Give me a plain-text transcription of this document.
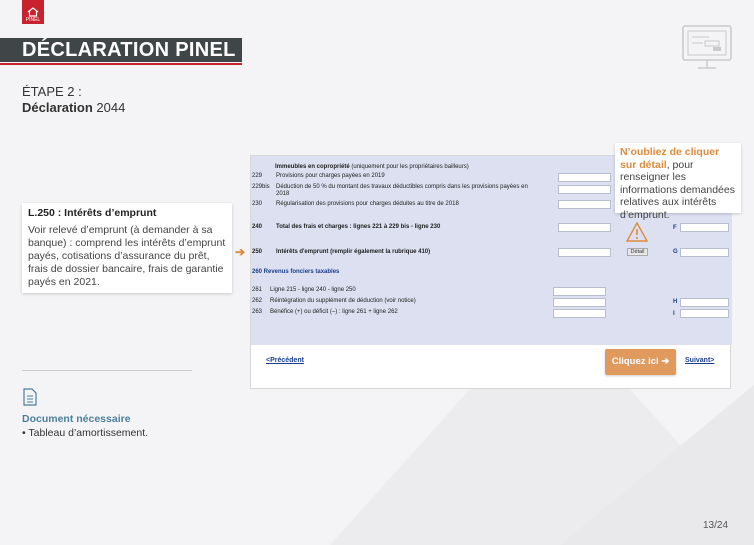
PINEL
DÉCLARATION PINEL
ÉTAPE 2 :
Déclaration 2044
L.250 : Intérêts d’emprunt

Voir relevé d’emprunt (à demander à sa banque) : comprend les intérêts d’emprunt payés, cotisations d’assurance du prêt, frais de dossier bancaire, frais de garantie payés en 2021.

➔
Immeubles en copropriété (uniquement pour les propriétaires bailleurs)
229 Provisions pour charges payées en 2019
229bis Déduction de 50 % du montant des travaux déductibles compris dans les provisions payées en
2018
230 Régularisation des provisions pour charges déduites au titre de 2018
240 Total des frais et charges : lignes 221 à 229 bis - ligne 230
250 Intérêts d'emprunt (remplir également la rubrique 410)
260 Revenus fonciers taxables
261 Ligne 215 - ligne 240 - ligne 250
262 Réintégration du supplément de déduction (voir notice)
263 Bénéfice (+) ou déficit (–) : ligne 261 + ligne 262
F
G
H
I
Détail
<Précédent	Cliquez ici ➔	Suivant>
N’oubliez de cliquer sur détail, pour renseigner les informations demandées relatives aux intérêts d’emprunt.
Document nécessaire
• Tableau d’amortissement.
13/24
